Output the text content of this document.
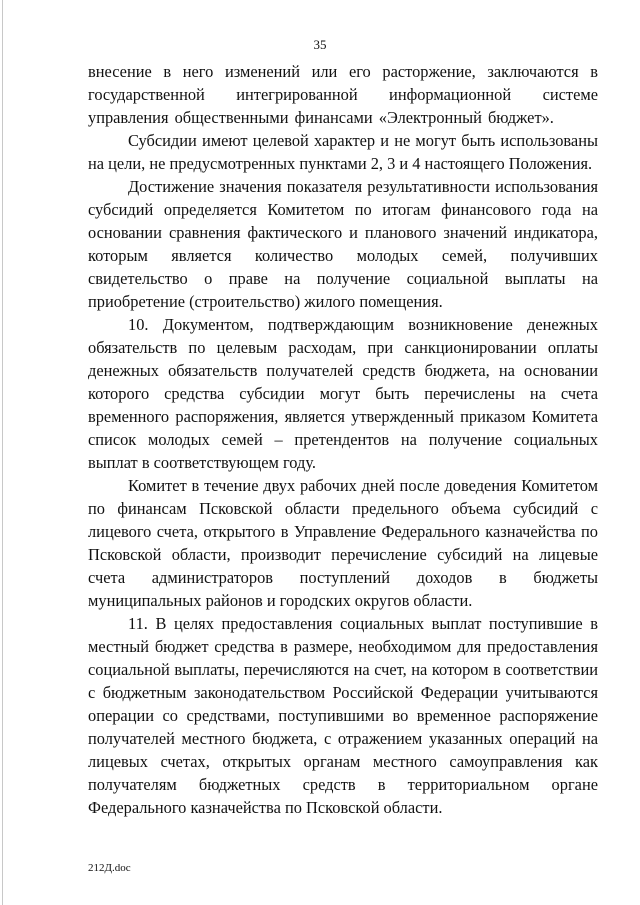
35

внесение в него изменений или его расторжение, заключаются в государственной интегрированной информационной системе управления общественными финансами «Электронный бюджет».

Субсидии имеют целевой характер и не могут быть использованы на цели, не предусмотренных пунктами 2, 3 и 4 настоящего Положения.

Достижение значения показателя результативности использования субсидий определяется Комитетом по итогам финансового года на основании сравнения фактического и планового значений индикатора, которым является количество молодых семей, получивших свидетельство о праве на получение социальной выплаты на приобретение (строительство) жилого помещения.

10. Документом, подтверждающим возникновение денежных обязательств по целевым расходам, при санкционировании оплаты денежных обязательств получателей средств бюджета, на основании которого средства субсидии могут быть перечислены на счета временного распоряжения, является утвержденный приказом Комитета список молодых семей – претендентов на получение социальных выплат в соответствующем году.

Комитет в течение двух рабочих дней после доведения Комитетом по финансам Псковской области предельного объема субсидий с лицевого счета, открытого в Управление Федерального казначейства по Псковской области, производит перечисление субсидий на лицевые счета администраторов поступлений доходов в бюджеты муниципальных районов и городских округов области.

11. В целях предоставления социальных выплат поступившие в местный бюджет средства в размере, необходимом для предоставления социальной выплаты, перечисляются на счет, на котором в соответствии с бюджетным законодательством Российской Федерации учитываются операции со средствами, поступившими во временное распоряжение получателей местного бюджета, с отражением указанных операций на лицевых счетах, открытых органам местного самоуправления как получателям бюджетных средств в территориальном органе Федерального казначейства по Псковской области.

212Д.doc
